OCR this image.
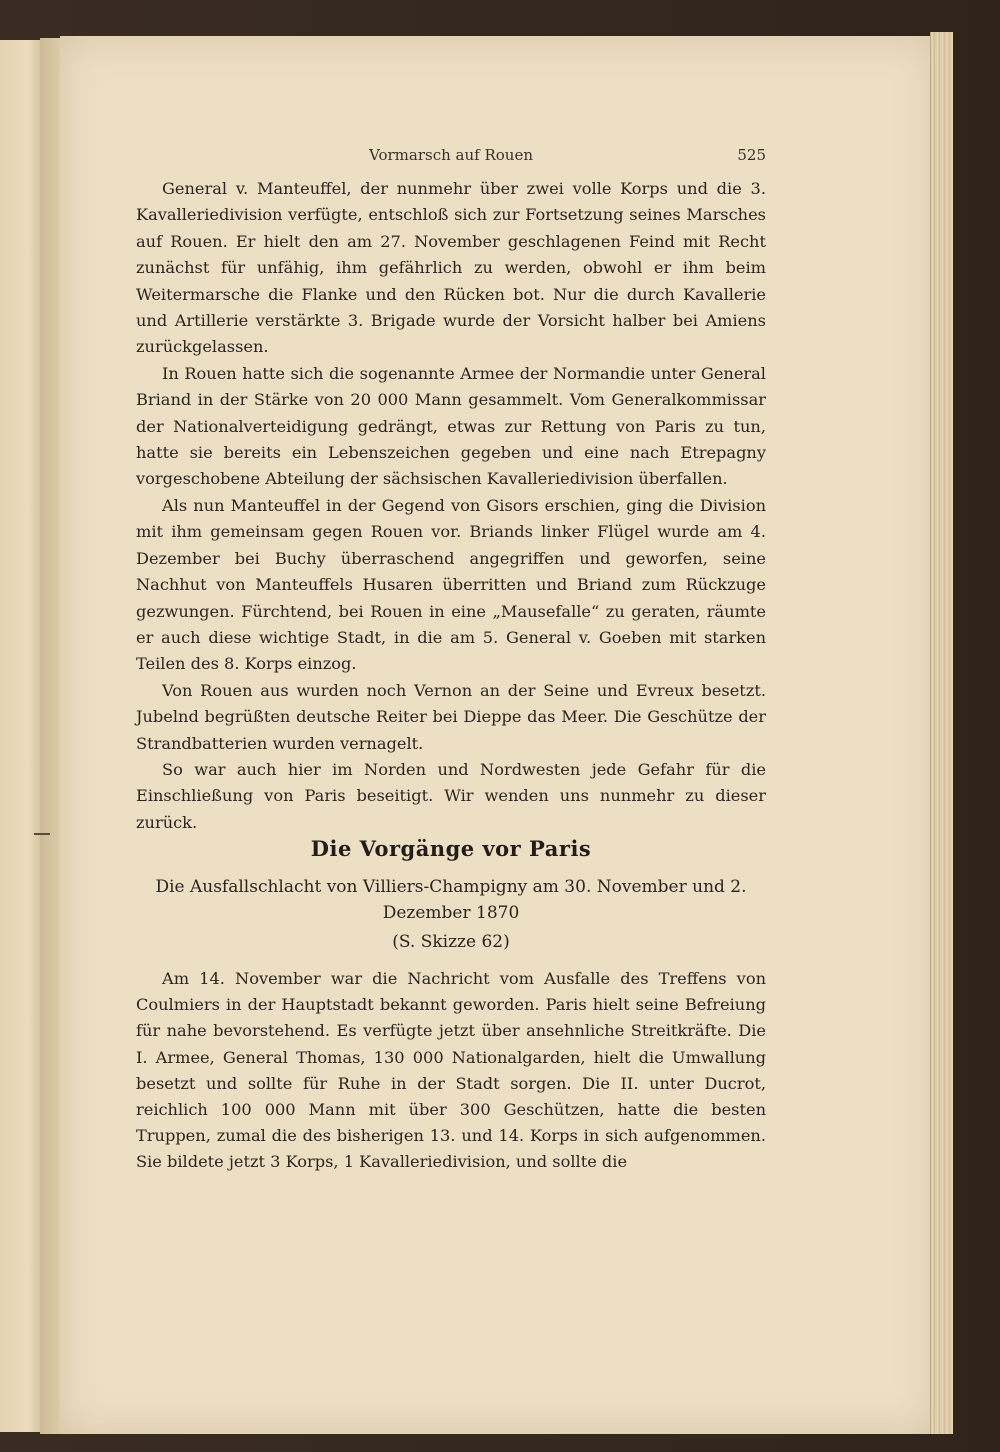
Vormarsch auf Rouen	525

General v. Manteuffel, der nunmehr über zwei volle Korps und die 3. Kavalleriedivision verfügte, entschloß sich zur Fortsetzung seines Marsches auf Rouen. Er hielt den am 27. November geschlagenen Feind mit Recht zunächst für unfähig, ihm gefährlich zu werden, obwohl er ihm beim Weitermarsche die Flanke und den Rücken bot. Nur die durch Kavallerie und Artillerie verstärkte 3. Brigade wurde der Vorsicht halber bei Amiens zurückgelassen.

In Rouen hatte sich die sogenannte Armee der Normandie unter General Briand in der Stärke von 20 000 Mann gesammelt. Vom Generalkommissar der Nationalverteidigung gedrängt, etwas zur Rettung von Paris zu tun, hatte sie bereits ein Lebenszeichen gegeben und eine nach Etrepagny vorgeschobene Abteilung der sächsischen Kavalleriedivision überfallen.

Als nun Manteuffel in der Gegend von Gisors erschien, ging die Division mit ihm gemeinsam gegen Rouen vor. Briands linker Flügel wurde am 4. Dezember bei Buchy überraschend angegriffen und geworfen, seine Nachhut von Manteuffels Husaren überritten und Briand zum Rückzuge gezwungen. Fürchtend, bei Rouen in eine „Mausefalle“ zu geraten, räumte er auch diese wichtige Stadt, in die am 5. General v. Goeben mit starken Teilen des 8. Korps einzog.

Von Rouen aus wurden noch Vernon an der Seine und Evreux besetzt. Jubelnd begrüßten deutsche Reiter bei Dieppe das Meer. Die Geschütze der Strandbatterien wurden vernagelt.

So war auch hier im Norden und Nordwesten jede Gefahr für die Einschließung von Paris beseitigt. Wir wenden uns nunmehr zu dieser zurück.

Die Vorgänge vor Paris
Die Ausfallschlacht von Villiers-Champigny am 30. November und 2. Dezember 1870
(S. Skizze 62)

Am 14. November war die Nachricht vom Ausfalle des Treffens von Coulmiers in der Hauptstadt bekannt geworden. Paris hielt seine Befreiung für nahe bevorstehend. Es verfügte jetzt über ansehnliche Streitkräfte. Die I. Armee, General Thomas, 130 000 Nationalgarden, hielt die Umwallung besetzt und sollte für Ruhe in der Stadt sorgen. Die II. unter Ducrot, reichlich 100 000 Mann mit über 300 Geschützen, hatte die besten Truppen, zumal die des bisherigen 13. und 14. Korps in sich aufgenommen. Sie bildete jetzt 3 Korps, 1 Kavalleriedivision, und sollte die
